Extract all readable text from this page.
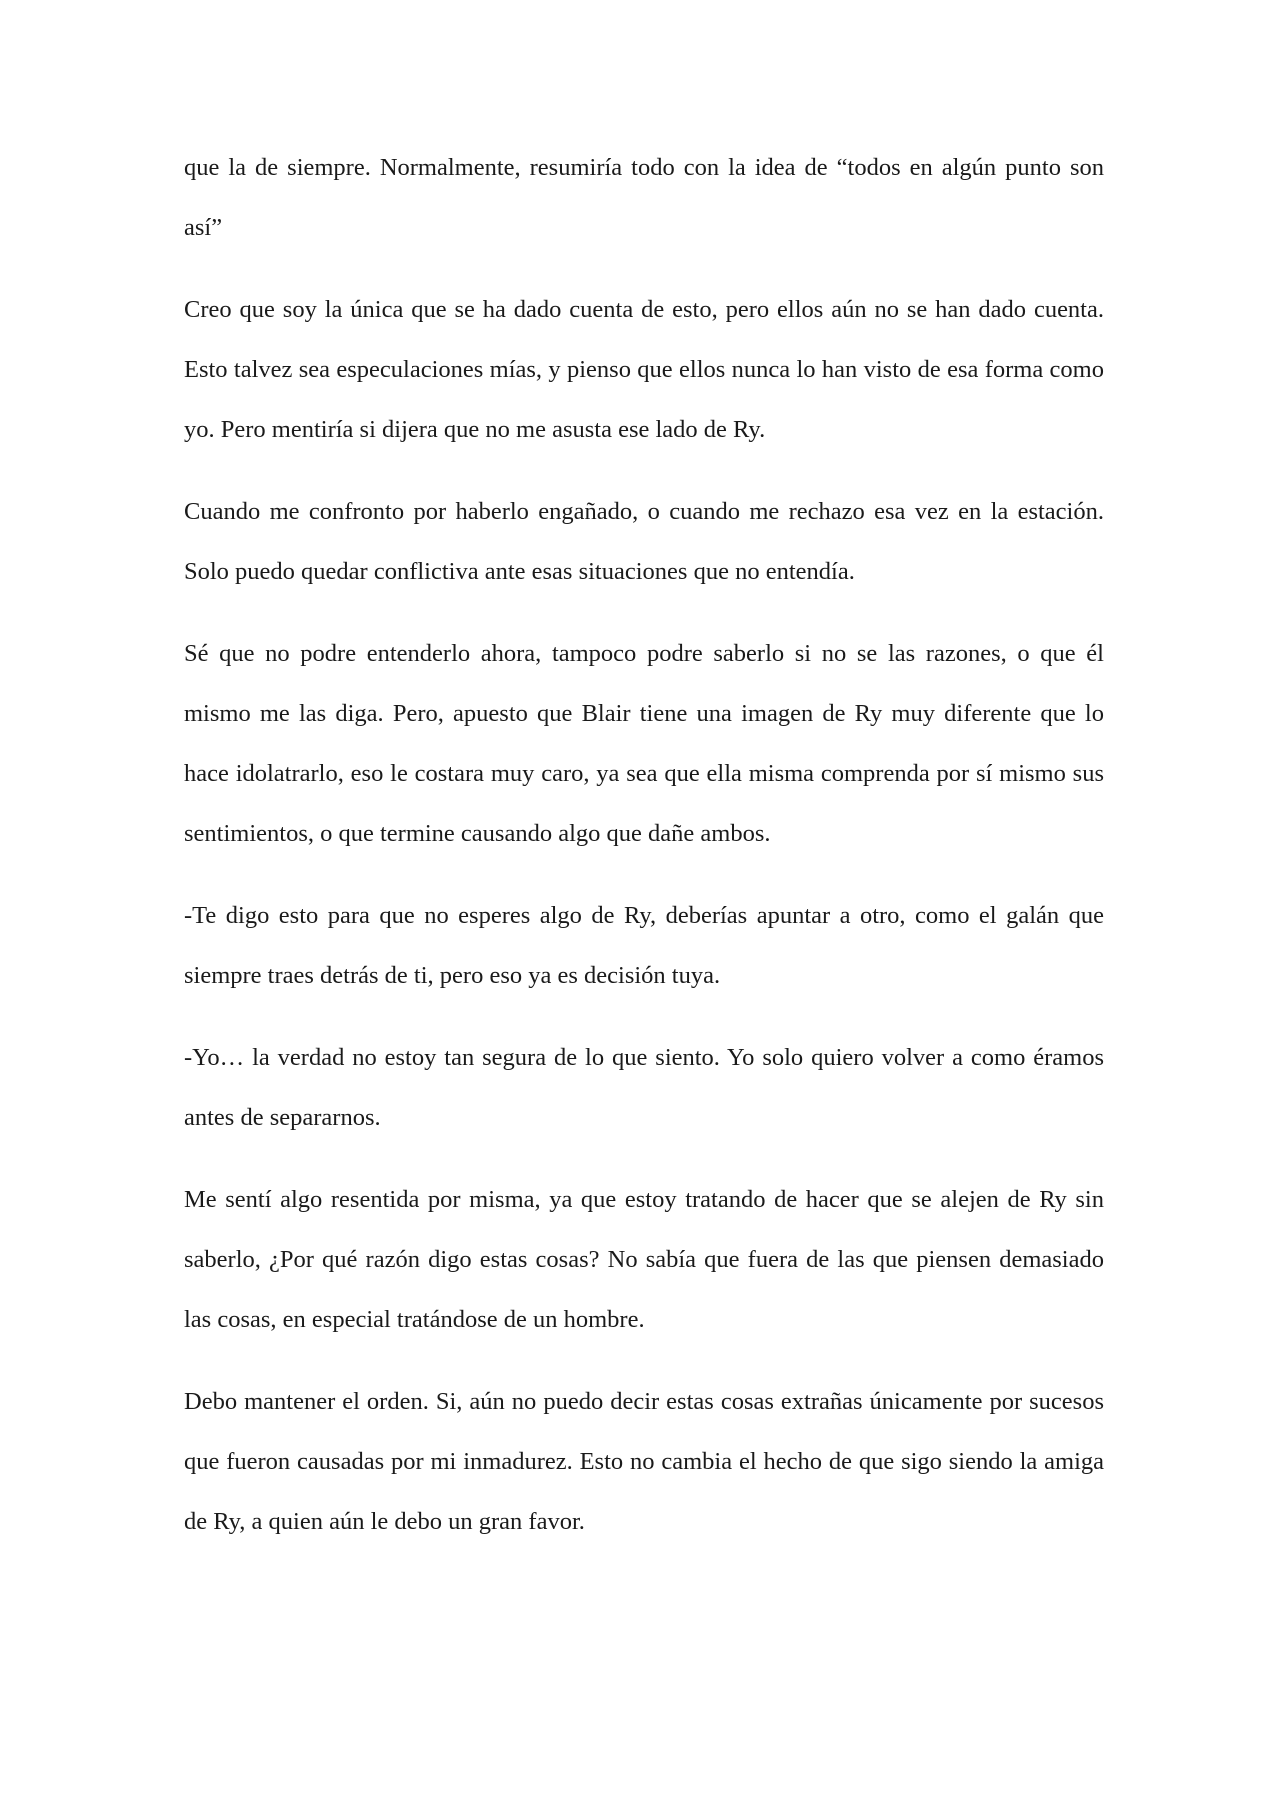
que la de siempre. Normalmente, resumiría todo con la idea de “todos en algún punto son así”

Creo que soy la única que se ha dado cuenta de esto, pero ellos aún no se han dado cuenta. Esto talvez sea especulaciones mías, y pienso que ellos nunca lo han visto de esa forma como yo. Pero mentiría si dijera que no me asusta ese lado de Ry.

Cuando me confronto por haberlo engañado, o cuando me rechazo esa vez en la estación. Solo puedo quedar conflictiva ante esas situaciones que no entendía.

Sé que no podre entenderlo ahora, tampoco podre saberlo si no se las razones, o que él mismo me las diga. Pero, apuesto que Blair tiene una imagen de Ry muy diferente que lo hace idolatrarlo, eso le costara muy caro, ya sea que ella misma comprenda por sí mismo sus sentimientos, o que termine causando algo que dañe ambos.

-Te digo esto para que no esperes algo de Ry, deberías apuntar a otro, como el galán que siempre traes detrás de ti, pero eso ya es decisión tuya.

-Yo… la verdad no estoy tan segura de lo que siento. Yo solo quiero volver a como éramos antes de separarnos.

Me sentí algo resentida por misma, ya que estoy tratando de hacer que se alejen de Ry sin saberlo, ¿Por qué razón digo estas cosas? No sabía que fuera de las que piensen demasiado las cosas, en especial tratándose de un hombre.

Debo mantener el orden. Si, aún no puedo decir estas cosas extrañas únicamente por sucesos que fueron causadas por mi inmadurez. Esto no cambia el hecho de que sigo siendo la amiga de Ry, a quien aún le debo un gran favor.
